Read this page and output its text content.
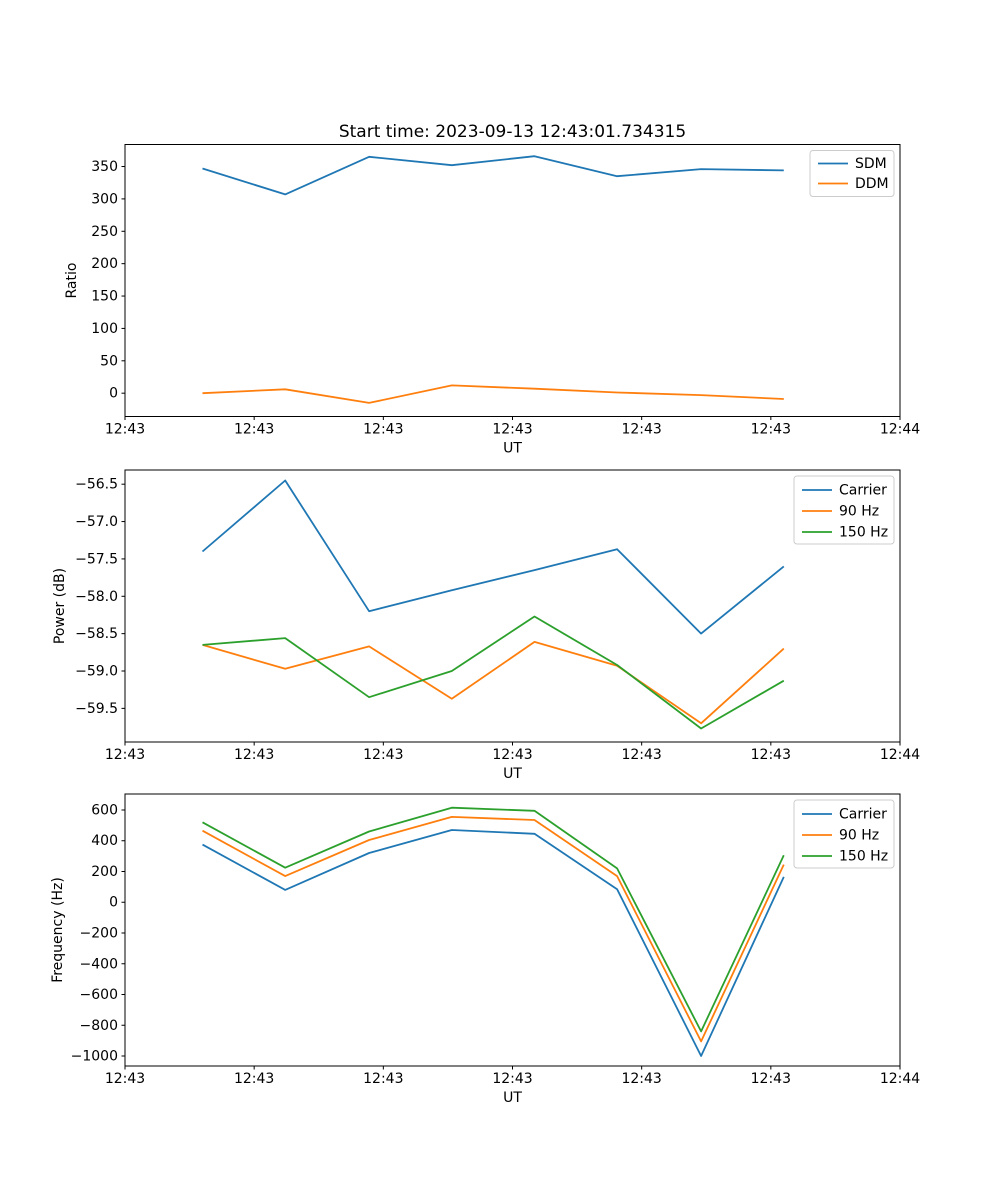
Start time: 2023-09-13 12:43:01.734315
12:43	12:43	12:43	12:43	12:43	12:43	12:44
0
50
100
150
200
250
300
350
UT
Ratio
SDM
DDM
12:43	12:43	12:43	12:43	12:43	12:43	12:44
−59.5
−59.0
−58.5
−58.0
−57.5
−57.0
−56.5
UT
Power (dB)
Carrier
90 Hz
150 Hz
12:43	12:43	12:43	12:43	12:43	12:43	12:44
−1000
−800
−600
−400
−200
0
200
400
600
UT
Frequency (Hz)
Carrier
90 Hz
150 Hz
